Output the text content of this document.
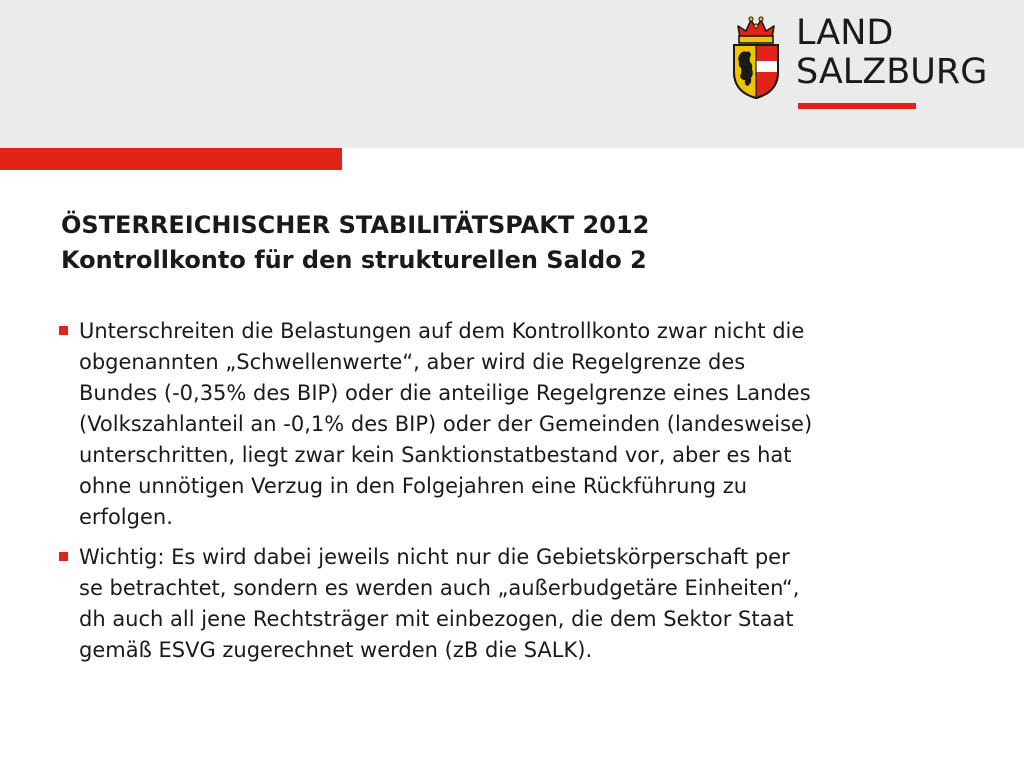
LAND
SALZBURG
ÖSTERREICHISCHER STABILITÄTSPAKT 2012
Kontrollkonto für den strukturellen Saldo 2
Unterschreiten die Belastungen auf dem Kontrollkonto zwar nicht die
obgenannten „Schwellenwerte“, aber wird die Regelgrenze des
Bundes (-0,35% des BIP) oder die anteilige Regelgrenze eines Landes
(Volkszahlanteil an -0,1% des BIP) oder der Gemeinden (landesweise)
unterschritten, liegt zwar kein Sanktionstatbestand vor, aber es hat
ohne unnötigen Verzug in den Folgejahren eine Rückführung zu
erfolgen.
Wichtig: Es wird dabei jeweils nicht nur die Gebietskörperschaft per
se betrachtet, sondern es werden auch „außerbudgetäre Einheiten“,
dh auch all jene Rechtsträger mit einbezogen, die dem Sektor Staat
gemäß ESVG zugerechnet werden (zB die SALK).
